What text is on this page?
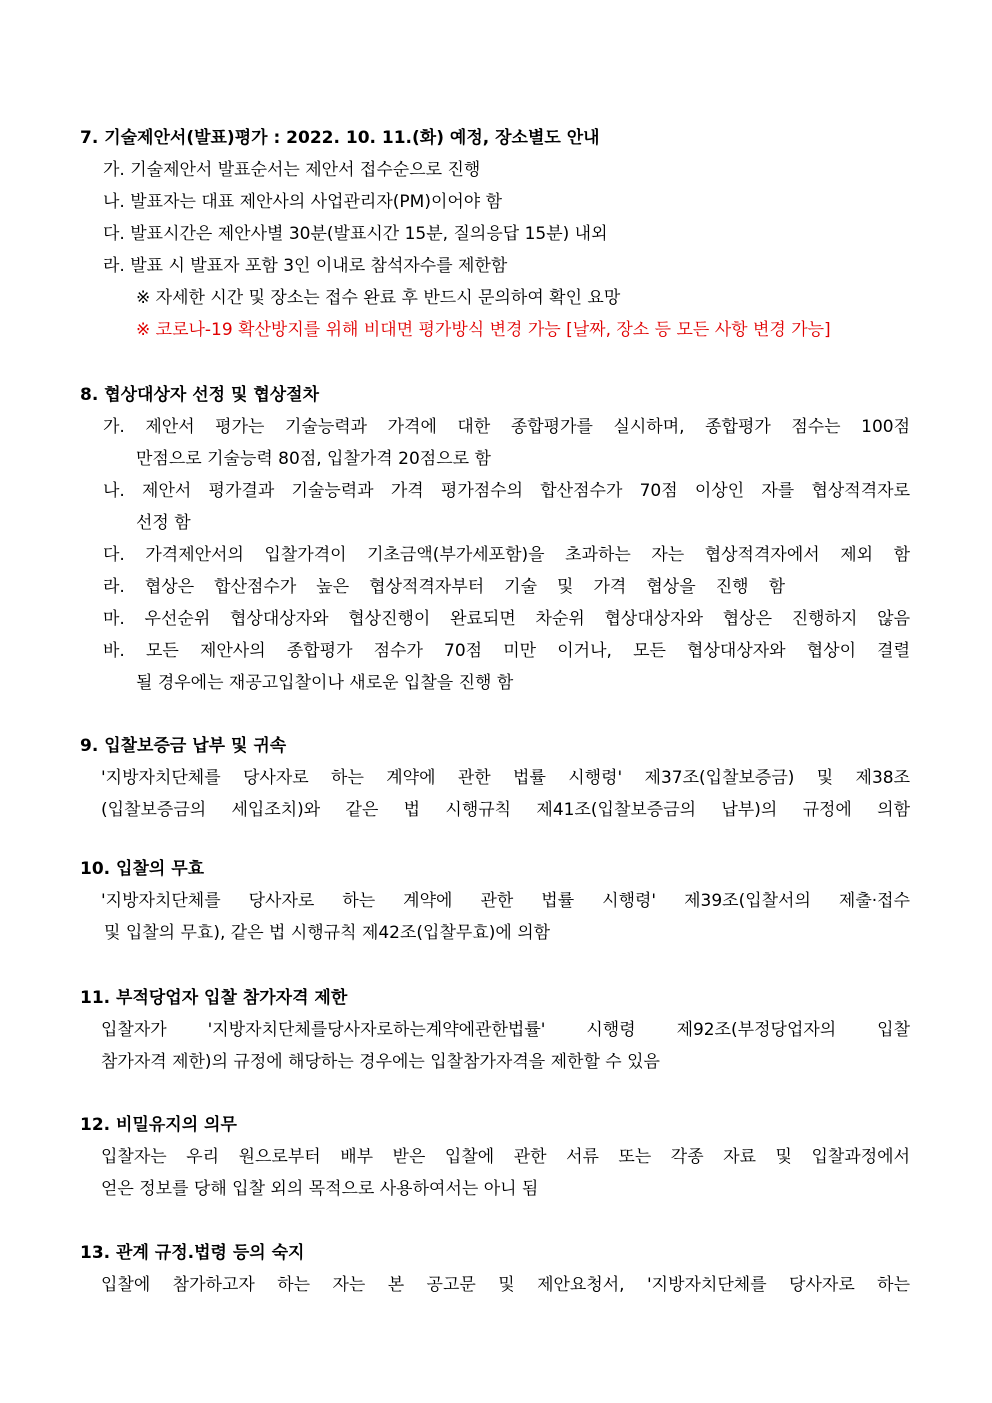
7. 기술제안서(발표)평가 : 2022. 10. 11.(화) 예정, 장소별도 안내
가. 기술제안서 발표순서는 제안서 접수순으로 진행
나. 발표자는 대표 제안사의 사업관리자(PM)이어야 함
다. 발표시간은 제안사별 30분(발표시간 15분, 질의응답 15분) 내외
라. 발표 시 발표자 포함 3인 이내로 참석자수를 제한함
※ 자세한 시간 및 장소는 접수 완료 후 반드시 문의하여 확인 요망
※ 코로나-19 확산방지를 위해 비대면 평가방식 변경 가능 [날짜, 장소 등 모든 사항 변경 가능]
8. 협상대상자 선정 및 협상절차
가. 제안서 평가는 기술능력과 가격에 대한 종합평가를 실시하며, 종합평가 점수는 100점
만점으로 기술능력 80점, 입찰가격 20점으로 함
나. 제안서 평가결과 기술능력과 가격 평가점수의 합산점수가 70점 이상인 자를 협상적격자로
선정 함
다. 가격제안서의 입찰가격이 기초금액(부가세포함)을 초과하는 자는 협상적격자에서 제외 함
라. 협상은 합산점수가 높은 협상적격자부터 기술 및 가격 협상을 진행 함
마. 우선순위 협상대상자와 협상진행이 완료되면 차순위 협상대상자와 협상은 진행하지 않음
바. 모든 제안사의 종합평가 점수가 70점 미만 이거나, 모든 협상대상자와 협상이 결렬
될 경우에는 재공고입찰이나 새로운 입찰을 진행 함
9. 입찰보증금 납부 및 귀속
'지방자치단체를 당사자로 하는 계약에 관한 법률 시행령' 제37조(입찰보증금) 및 제38조
(입찰보증금의 세입조치)와 같은 법 시행규칙 제41조(입찰보증금의 납부)의 규정에 의함
10. 입찰의 무효
'지방자치단체를 당사자로 하는 계약에 관한 법률 시행령' 제39조(입찰서의 제출·접수
및 입찰의 무효), 같은 법 시행규칙 제42조(입찰무효)에 의함
11. 부적당업자 입찰 참가자격 제한
입찰자가 '지방자치단체를당사자로하는계약에관한법률' 시행령 제92조(부정당업자의 입찰
참가자격 제한)의 규정에 해당하는 경우에는 입찰참가자격을 제한할 수 있음
12. 비밀유지의 의무
입찰자는 우리 원으로부터 배부 받은 입찰에 관한 서류 또는 각종 자료 및 입찰과정에서
얻은 정보를 당해 입찰 외의 목적으로 사용하여서는 아니 됨
13. 관계 규정.법령 등의 숙지
입찰에 참가하고자 하는 자는 본 공고문 및 제안요청서, '지방자치단체를 당사자로 하는
